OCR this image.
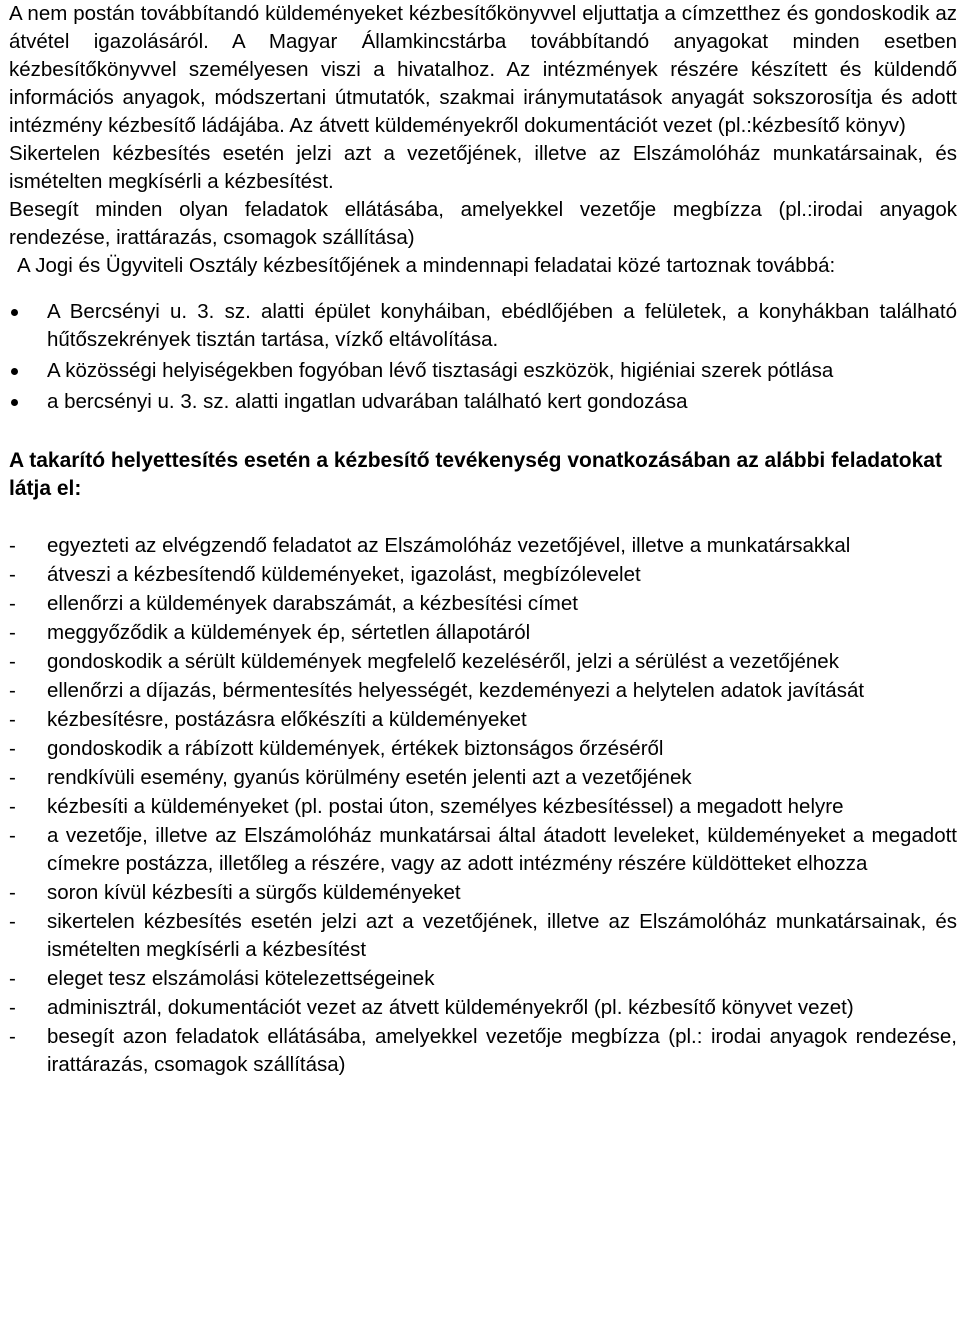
A nem postán továbbítandó küldeményeket kézbesítőkönyvvel eljuttatja a címzetthez és gondoskodik az átvétel igazolásáról. A Magyar Államkincstárba továbbítandó anyagokat minden esetben kézbesítőkönyvvel személyesen viszi a hivatalhoz. Az intézmények részére készített és küldendő információs anyagok, módszertani útmutatók, szakmai iránymutatások anyagát sokszorosítja és adott intézmény kézbesítő ládájába. Az átvett küldeményekről dokumentációt vezet (pl.:kézbesítő könyv)

Sikertelen kézbesítés esetén jelzi azt a vezetőjének, illetve az Elszámolóház munkatársainak, és ismételten megkísérli a kézbesítést.

Besegít minden olyan feladatok ellátásába, amelyekkel vezetője megbízza (pl.:irodai anyagok rendezése, irattárazás, csomagok szállítása)

A Jogi és Ügyviteli Osztály kézbesítőjének a mindennapi feladatai közé tartoznak továbbá:

A Bercsényi u. 3. sz. alatti épület konyháiban, ebédlőjében a felületek, a konyhákban található hűtőszekrények tisztán tartása, vízkő eltávolítása.
A közösségi helyiségekben fogyóban lévő tisztasági eszközök, higiéniai szerek pótlása
a bercsényi u. 3. sz. alatti ingatlan udvarában található kert gondozása
A takarító helyettesítés esetén a kézbesítő tevékenység vonatkozásában az alábbi feladatokat látja el:
- egyezteti az elvégzendő feladatot az Elszámolóház vezetőjével, illetve a munkatársakkal
- átveszi a kézbesítendő küldeményeket, igazolást, megbízólevelet
- ellenőrzi a küldemények darabszámát, a kézbesítési címet
- meggyőződik a küldemények ép, sértetlen állapotáról
- gondoskodik a sérült küldemények megfelelő kezeléséről, jelzi a sérülést a vezetőjének
- ellenőrzi a díjazás, bérmentesítés helyességét, kezdeményezi a helytelen adatok javítását
- kézbesítésre, postázásra előkészíti a küldeményeket
- gondoskodik a rábízott küldemények, értékek biztonságos őrzéséről
- rendkívüli esemény, gyanús körülmény esetén jelenti azt a vezetőjének
- kézbesíti a küldeményeket (pl. postai úton, személyes kézbesítéssel) a megadott helyre
- a vezetője, illetve az Elszámolóház munkatársai által átadott leveleket, küldeményeket a megadott címekre postázza, illetőleg a részére, vagy az adott intézmény részére küldötteket elhozza
- soron kívül kézbesíti a sürgős küldeményeket
- sikertelen kézbesítés esetén jelzi azt a vezetőjének, illetve az Elszámolóház munkatársainak, és ismételten megkísérli a kézbesítést
- eleget tesz elszámolási kötelezettségeinek
- adminisztrál, dokumentációt vezet az átvett küldeményekről (pl. kézbesítő könyvet vezet)
- besegít azon feladatok ellátásába, amelyekkel vezetője megbízza (pl.: irodai anyagok rendezése, irattárazás, csomagok szállítása)
